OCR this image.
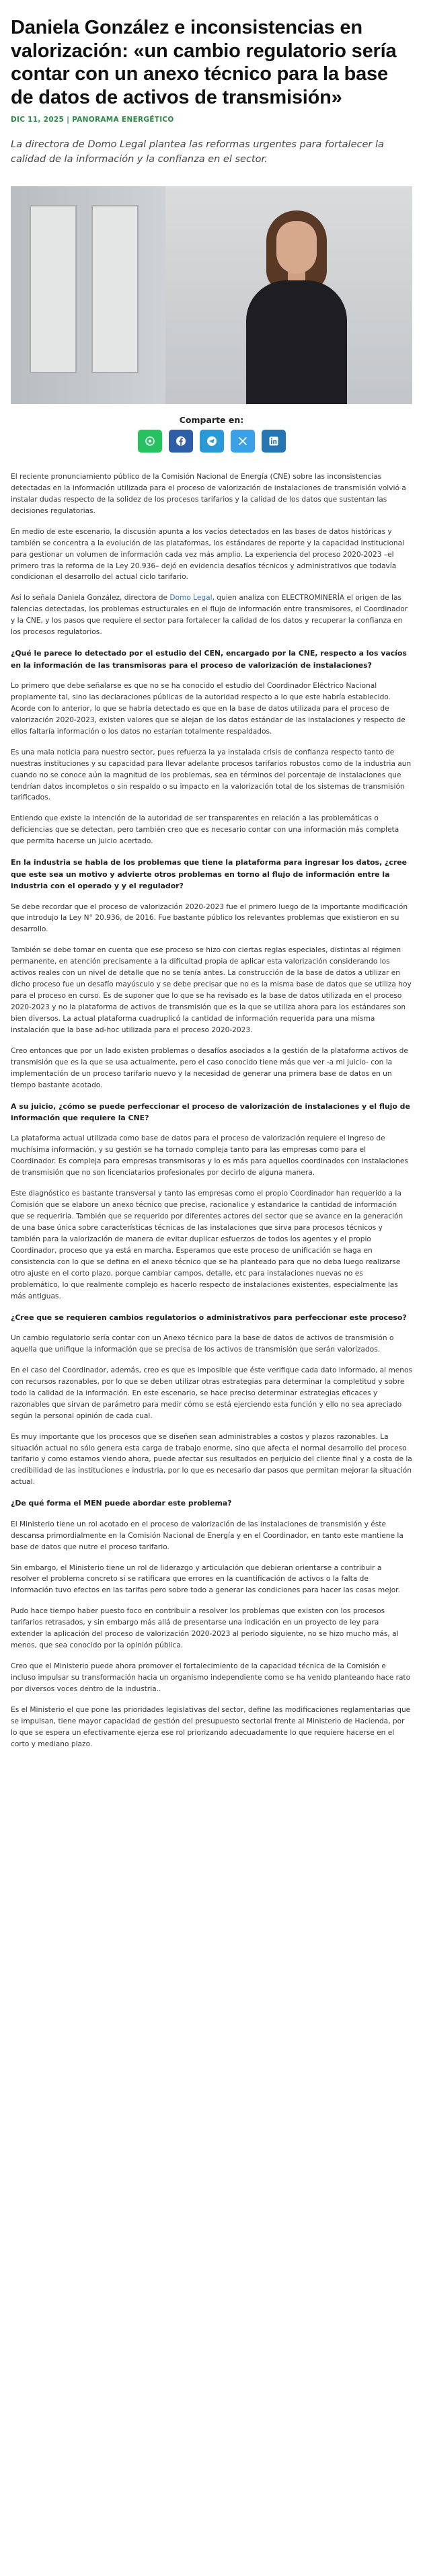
Daniela González e inconsistencias en valorización: «un cambio regulatorio sería contar con un anexo técnico para la base de datos de activos de transmisión»
DIC 11, 2025 | PANORAMA ENERGÉTICO

La directora de Domo Legal plantea las reformas urgentes para fortalecer la calidad de la información y la confianza en el sector.

Comparte en:

El reciente pronunciamiento público de la Comisión Nacional de Energía (CNE) sobre las inconsistencias detectadas en la información utilizada para el proceso de valorización de instalaciones de transmisión volvió a instalar dudas respecto de la solidez de los procesos tarifarios y la calidad de los datos que sustentan las decisiones regulatorias.

En medio de este escenario, la discusión apunta a los vacíos detectados en las bases de datos históricas y también se concentra a la evolución de las plataformas, los estándares de reporte y la capacidad institucional para gestionar un volumen de información cada vez más amplio. La experiencia del proceso 2020-2023 –el primero tras la reforma de la Ley 20.936– dejó en evidencia desafíos técnicos y administrativos que todavía condicionan el desarrollo del actual ciclo tarifario.

Así lo señala Daniela González, directora de Domo Legal, quien analiza con ELECTROMINERÍA el origen de las falencias detectadas, los problemas estructurales en el flujo de información entre transmisores, el Coordinador y la CNE, y los pasos que requiere el sector para fortalecer la calidad de los datos y recuperar la confianza en los procesos regulatorios.

¿Qué le parece lo detectado por el estudio del CEN, encargado por la CNE, respecto a los vacíos en la información de las transmisoras para el proceso de valorización de instalaciones?

Lo primero que debe señalarse es que no se ha conocido el estudio del Coordinador Eléctrico Nacional propiamente tal, sino las declaraciones públicas de la autoridad respecto a lo que este habría establecido. Acorde con lo anterior, lo que se habría detectado es que en la base de datos utilizada para el proceso de valorización 2020-2023, existen valores que se alejan de los datos estándar de las instalaciones y respecto de ellos faltaría información o los datos no estarían totalmente respaldados.

Es una mala noticia para nuestro sector, pues refuerza la ya instalada crisis de confianza respecto tanto de nuestras instituciones y su capacidad para llevar adelante procesos tarifarios robustos como de la industria aun cuando no se conoce aún la magnitud de los problemas, sea en términos del porcentaje de instalaciones que tendrían datos incompletos o sin respaldo o su impacto en la valorización total de los sistemas de transmisión tarificados.

Entiendo que existe la intención de la autoridad de ser transparentes en relación a las problemáticas o deficiencias que se detectan, pero también creo que es necesario contar con una información más completa que permita hacerse un juicio acertado.

En la industria se habla de los problemas que tiene la plataforma para ingresar los datos, ¿cree que este sea un motivo y advierte otros problemas en torno al flujo de información entre la industria con el operado y y el regulador?

Se debe recordar que el proceso de valorización 2020-2023 fue el primero luego de la importante modificación que introdujo la Ley N° 20.936, de 2016. Fue bastante público los relevantes problemas que existieron en su desarrollo.

También se debe tomar en cuenta que ese proceso se hizo con ciertas reglas especiales, distintas al régimen permanente, en atención precisamente a la dificultad propia de aplicar esta valorización considerando los activos reales con un nivel de detalle que no se tenía antes. La construcción de la base de datos a utilizar en dicho proceso fue un desafío mayúsculo y se debe precisar que no es la misma base de datos que se utiliza hoy para el proceso en curso. Es de suponer que lo que se ha revisado es la base de datos utilizada en el proceso 2020-2023 y no la plataforma de activos de transmisión que es la que se utiliza ahora para los estándares son bien diversos. La actual plataforma cuadruplicó la cantidad de información requerida para una misma instalación que la base ad-hoc utilizada para el proceso 2020-2023.

Creo entonces que por un lado existen problemas o desafíos asociados a la gestión de la plataforma activos de transmisión que es la que se usa actualmente, pero el caso conocido tiene más que ver -a mi juicio- con la implementación de un proceso tarifario nuevo y la necesidad de generar una primera base de datos en un tiempo bastante acotado.

A su juicio, ¿cómo se puede perfeccionar el proceso de valorización de instalaciones y el flujo de información que requiere la CNE?

La plataforma actual utilizada como base de datos para el proceso de valorización requiere el ingreso de muchísima información, y su gestión se ha tornado compleja tanto para las empresas como para el Coordinador. Es compleja para empresas transmisoras y lo es más para aquellos coordinados con instalaciones de transmisión que no son licenciatarios profesionales por decirlo de alguna manera.

Este diagnóstico es bastante transversal y tanto las empresas como el propio Coordinador han requerido a la Comisión que se elabore un anexo técnico que precise, racionalice y estandarice la cantidad de información que se requeriría. También que se requerido por diferentes actores del sector que se avance en la generación de una base única sobre características técnicas de las instalaciones que sirva para procesos técnicos y también para la valorización de manera de evitar duplicar esfuerzos de todos los agentes y el propio Coordinador, proceso que ya está en marcha. Esperamos que este proceso de unificación se haga en consistencia con lo que se defina en el anexo técnico que se ha planteado para que no deba luego realizarse otro ajuste en el corto plazo, porque cambiar campos, detalle, etc para instalaciones nuevas no es problemático, lo que realmente complejo es hacerlo respecto de instalaciones existentes, especialmente las más antiguas.

¿Cree que se requieren cambios regulatorios o administrativos para perfeccionar este proceso?

Un cambio regulatorio sería contar con un Anexo técnico para la base de datos de activos de transmisión o aquella que unifique la información que se precisa de los activos de transmisión que serán valorizados.

En el caso del Coordinador, además, creo es que es imposible que éste verifique cada dato informado, al menos con recursos razonables, por lo que se deben utilizar otras estrategias para determinar la completitud y sobre todo la calidad de la información. En este escenario, se hace preciso determinar estrategias eficaces y razonables que sirvan de parámetro para medir cómo se está ejerciendo esta función y ello no sea apreciado según la personal opinión de cada cual.

Es muy importante que los procesos que se diseñen sean administrables a costos y plazos razonables. La situación actual no sólo genera esta carga de trabajo enorme, sino que afecta el normal desarrollo del proceso tarifario y como estamos viendo ahora, puede afectar sus resultados en perjuicio del cliente final y a costa de la credibilidad de las instituciones e industria, por lo que es necesario dar pasos que permitan mejorar la situación actual.

¿De qué forma el MEN puede abordar este problema?

El Ministerio tiene un rol acotado en el proceso de valorización de las instalaciones de transmisión y éste descansa primordialmente en la Comisión Nacional de Energía y en el Coordinador, en tanto este mantiene la base de datos que nutre el proceso tarifario.

Sin embargo, el Ministerio tiene un rol de liderazgo y articulación que debieran orientarse a contribuir a resolver el problema concreto si se ratificara que errores en la cuantificación de activos o la falta de información tuvo efectos en las tarifas pero sobre todo a generar las condiciones para hacer las cosas mejor.

Pudo hace tiempo haber puesto foco en contribuir a resolver los problemas que existen con los procesos tarifarios retrasados, y sin embargo más allá de presentarse una indicación en un proyecto de ley para extender la aplicación del proceso de valorización 2020-2023 al periodo siguiente, no se hizo mucho más, al menos, que sea conocido por la opinión pública.

Creo que el Ministerio puede ahora promover el fortalecimiento de la capacidad técnica de la Comisión e incluso impulsar su transformación hacia un organismo independiente como se ha venido planteando hace rato por diversos voces dentro de la industria..

Es el Ministerio el que pone las prioridades legislativas del sector, define las modificaciones reglamentarias que se impulsan, tiene mayor capacidad de gestión del presupuesto sectorial frente al Ministerio de Hacienda, por lo que se espera un efectivamente ejerza ese rol priorizando adecuadamente lo que requiere hacerse en el corto y mediano plazo.
